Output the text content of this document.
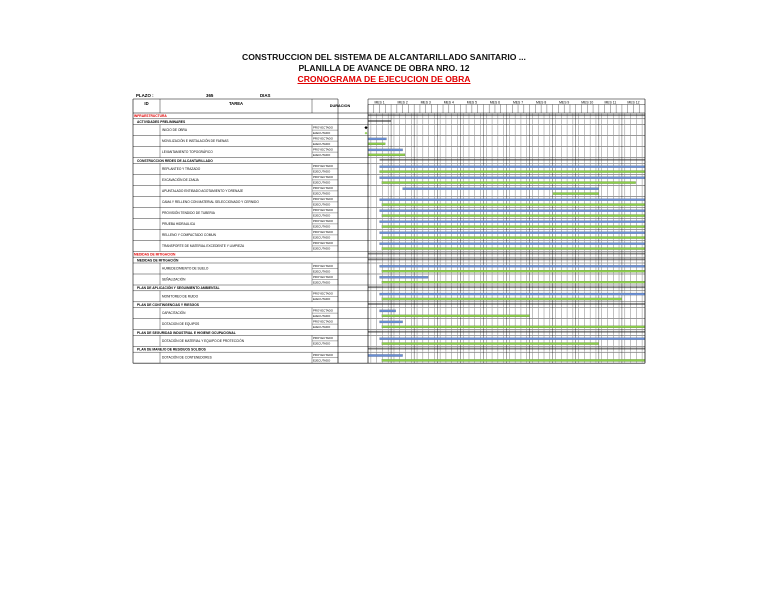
CONSTRUCCION DEL SISTEMA DE ALCANTARILLADO SANITARIO ...
PLANILLA DE AVANCE DE OBRA NRO. 12
CRONOGRAMA DE EJECUCION DE OBRA
PLAZO :	365	DIAS
ID	TAREA	DURACION
MES 1	MES 2	MES 3	MES 4	MES 5	MES 6	MES 7	MES 8	MES 9	MES 10	MES 11	MES 12
INFRAESTRUCTURA
ACTIVIDADES PRELIMINARES
INICIO DE OBRA
PROYECTADO
EJECUTADO
MOVILIZACIÓN E INSTALACIÓN DE FAENAS
PROYECTADO
EJECUTADO
LEVANTAMIENTO TOPOGRÁFICO
PROYECTADO
EJECUTADO
CONSTRUCCION REDES DE ALCANTARILLADO
REPLANTEO Y TRAZADO
PROYECTADO
EJECUTADO
EXCAVACIÓN DE ZANJA
PROYECTADO
EJECUTADO
APUNTALADO ENTIBADO AGOTAMIENTO Y DRENAJE
PROYECTADO
EJECUTADO
CAMA Y RELLENO CON MATERIAL SELECCIONADO Y CERNIDO
PROYECTADO
EJECUTADO
PROVISIÓN TENDIDO DE TUBERIA
PROYECTADO
EJECUTADO
PRUEBA HIDRAULICA
PROYECTADO
EJECUTADO
RELLENO Y COMPACTADO COMUN
PROYECTADO
EJECUTADO
TRANSPORTE DE MATERIAL EXCEDENTE Y LIMPIEZA
PROYECTADO
EJECUTADO
MEDIDAS DE MITIGACION
MEDIDAS DE MITIGACIÓN
HUMEDECIMIENTO DE SUELO
PROYECTADO
EJECUTADO
SEÑALIZACIÓN
PROYECTADO
EJECUTADO
PLAN DE APLICACIÓN Y SEGUIMIENTO AMBIENTAL
MONITOREO DE RUIDO
PROYECTADO
EJECUTADO
PLAN DE CONTINGENCIAS Y RIESGOS
CAPACITACIÓN
PROYECTADO
EJECUTADO
DOTACION DE EQUIPOS
PROYECTADO
EJECUTADO
PLAN DE SEGURIDAD INDUSTRIAL E HIGIENE OCUPACIONAL
DOTACIÓN DE MATERIAL Y EQUIPO DE PROTECCIÓN
PROYECTADO
EJECUTADO
PLAN DE MANEJO DE RESIDUOS SOLIDOS
DOTACIÓN DE CONTENEDORES
PROYECTADO
EJECUTADO
